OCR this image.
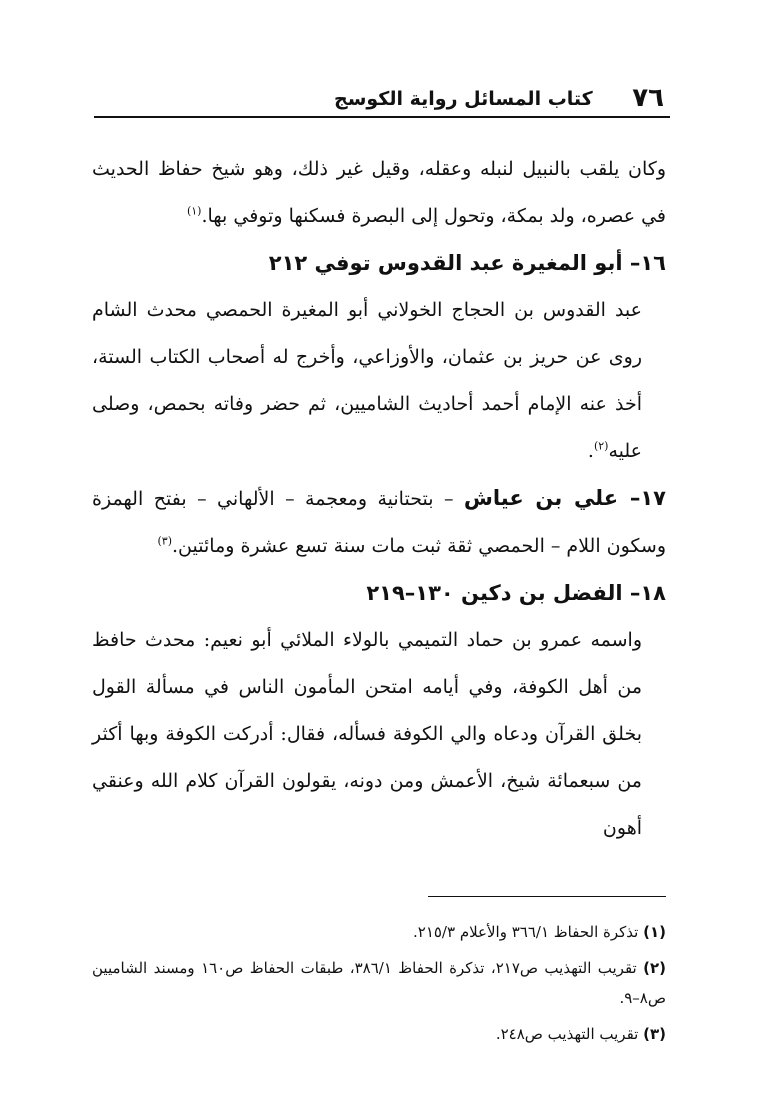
٧٦
كتاب المسائل رواية الكوسج

وكان يلقب بالنبيل لنبله وعقله، وقيل غير ذلك، وهو شيخ حفاظ الحديث في عصره، ولد بمكة، وتحول إلى البصرة فسكنها وتوفي بها.$^{(١)}$

١٦– أبو المغيرة عبد القدوس توفي ٢١٢

عبد القدوس بن الحجاج الخولاني أبو المغيرة الحمصي محدث الشام روى عن حريز بن عثمان، والأوزاعي، وأخرج له أصحاب الكتاب الستة، أخذ عنه الإمام أحمد أحاديث الشاميين، ثم حضر وفاته بحمص، وصلى عليه$^{(٢)}$.

١٧– علي بن عياش – بتحتانية ومعجمة – الألهاني – بفتح الهمزة وسكون اللام – الحمصي ثقة ثبت مات سنة تسع عشرة ومائتين.$^{(٣)}$

١٨– الفضل بن دكين ١٣٠–٢١٩

واسمه عمرو بن حماد التميمي بالولاء الملائي أبو نعيم: محدث حافظ من أهل الكوفة، وفي أيامه امتحن المأمون الناس في مسألة القول بخلق القرآن ودعاه والي الكوفة فسأله، فقال: أدركت الكوفة وبها أكثر من سبعمائة شيخ، الأعمش ومن دونه، يقولون القرآن كلام الله وعنقي أهون

(١) تذكرة الحفاظ ٣٦٦/١ والأعلام ٢١٥/٣.

(٢) تقريب التهذيب ص٢١٧، تذكرة الحفاظ ٣٨٦/١، طبقات الحفاظ ص١٦٠ ومسند الشاميين ص٨–٩.

(٣) تقريب التهذيب ص٢٤٨.
